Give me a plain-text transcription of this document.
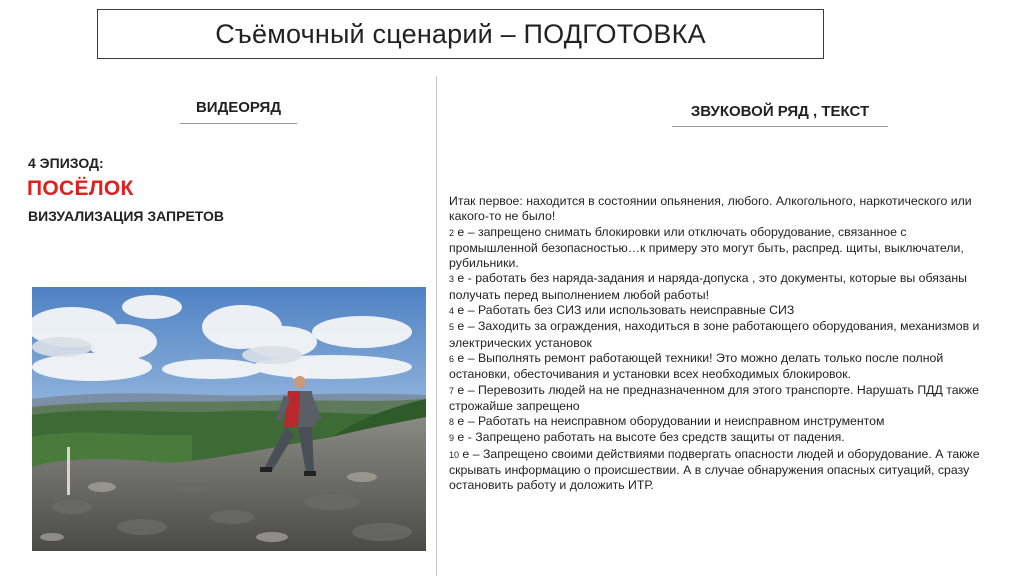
Съёмочный сценарий – ПОДГОТОВКА
ВИДЕОРЯД	ЗВУКОВОЙ РЯД , ТЕКСТ
4 ЭПИЗОД:
ПОСЁЛОК
ВИЗУАЛИЗАЦИЯ ЗАПРЕТОВ

Итак первое: находится в состоянии опьянения, любого. Алкогольного, наркотического или какого-то не было!

2 е – запрещено снимать блокировки или отключать оборудование, связанное с промышленной безопасностью…к примеру это могут быть, распред. щиты, выключатели, рубильники.

3 е - работать без наряда-задания и наряда-допуска , это документы, которые вы обязаны получать перед выполнением любой работы!

4 е – Работать без СИЗ или использовать неисправные СИЗ

5 е – Заходить за ограждения, находиться в зоне работающего оборудования, механизмов и электрических установок

6 е – Выполнять ремонт работающей техники! Это можно делать только после полной остановки, обесточивания и установки всех необходимых блокировок.

7 е – Перевозить людей на не предназначенном для этого транспорте. Нарушать ПДД также строжайше запрещено

8 е – Работать на неисправном оборудовании и неисправном инструментом

9 е - Запрещено работать на высоте без средств защиты от падения.

10 е – Запрещено своими действиями подвергать опасности людей и оборудование. А также скрывать информацию о происшествии. А в случае обнаружения опасных ситуаций, сразу остановить работу и доложить ИТР.
